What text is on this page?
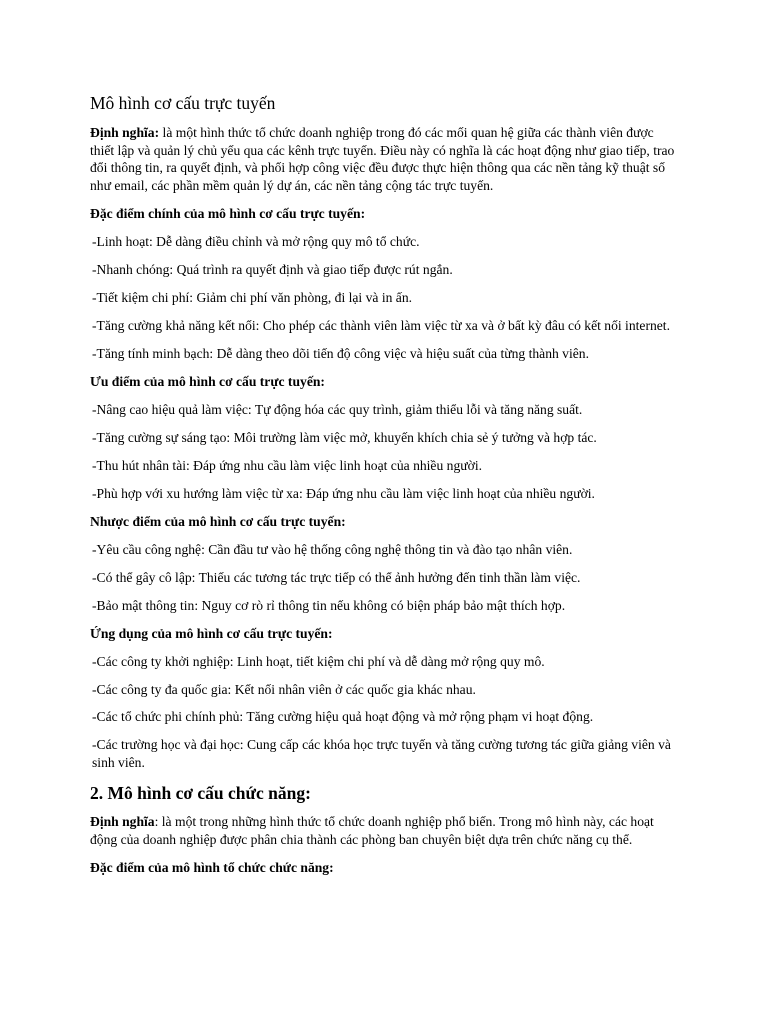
Mô hình cơ cấu trực tuyến

Định nghĩa: là một hình thức tổ chức doanh nghiệp trong đó các mối quan hệ giữa các thành viên được thiết lập và quản lý chủ yếu qua các kênh trực tuyến. Điều này có nghĩa là các hoạt động như giao tiếp, trao đổi thông tin, ra quyết định, và phối hợp công việc đều được thực hiện thông qua các nền tảng kỹ thuật số như email, các phần mềm quản lý dự án, các nền tảng cộng tác trực tuyến.

Đặc điểm chính của mô hình cơ cấu trực tuyến:

-Linh hoạt: Dễ dàng điều chỉnh và mở rộng quy mô tổ chức.

-Nhanh chóng: Quá trình ra quyết định và giao tiếp được rút ngắn.

-Tiết kiệm chi phí: Giảm chi phí văn phòng, đi lại và in ấn.

-Tăng cường khả năng kết nối: Cho phép các thành viên làm việc từ xa và ở bất kỳ đâu có kết nối internet.

-Tăng tính minh bạch: Dễ dàng theo dõi tiến độ công việc và hiệu suất của từng thành viên.

Ưu điểm của mô hình cơ cấu trực tuyến:

-Nâng cao hiệu quả làm việc: Tự động hóa các quy trình, giảm thiểu lỗi và tăng năng suất.

-Tăng cường sự sáng tạo: Môi trường làm việc mở, khuyến khích chia sẻ ý tưởng và hợp tác.

-Thu hút nhân tài: Đáp ứng nhu cầu làm việc linh hoạt của nhiều người.

-Phù hợp với xu hướng làm việc từ xa: Đáp ứng nhu cầu làm việc linh hoạt của nhiều người.

Nhược điểm của mô hình cơ cấu trực tuyến:

-Yêu cầu công nghệ: Cần đầu tư vào hệ thống công nghệ thông tin và đào tạo nhân viên.

-Có thể gây cô lập: Thiếu các tương tác trực tiếp có thể ảnh hưởng đến tinh thần làm việc.

-Bảo mật thông tin: Nguy cơ rò rỉ thông tin nếu không có biện pháp bảo mật thích hợp.

Ứng dụng của mô hình cơ cấu trực tuyến:

-Các công ty khởi nghiệp: Linh hoạt, tiết kiệm chi phí và dễ dàng mở rộng quy mô.

-Các công ty đa quốc gia: Kết nối nhân viên ở các quốc gia khác nhau.

-Các tổ chức phi chính phủ: Tăng cường hiệu quả hoạt động và mở rộng phạm vi hoạt động.

-Các trường học và đại học: Cung cấp các khóa học trực tuyến và tăng cường tương tác giữa giảng viên và sinh viên.

2. Mô hình cơ cấu chức năng:

Định nghĩa: là một trong những hình thức tổ chức doanh nghiệp phổ biến. Trong mô hình này, các hoạt động của doanh nghiệp được phân chia thành các phòng ban chuyên biệt dựa trên chức năng cụ thể.

Đặc điểm của mô hình tổ chức chức năng:
